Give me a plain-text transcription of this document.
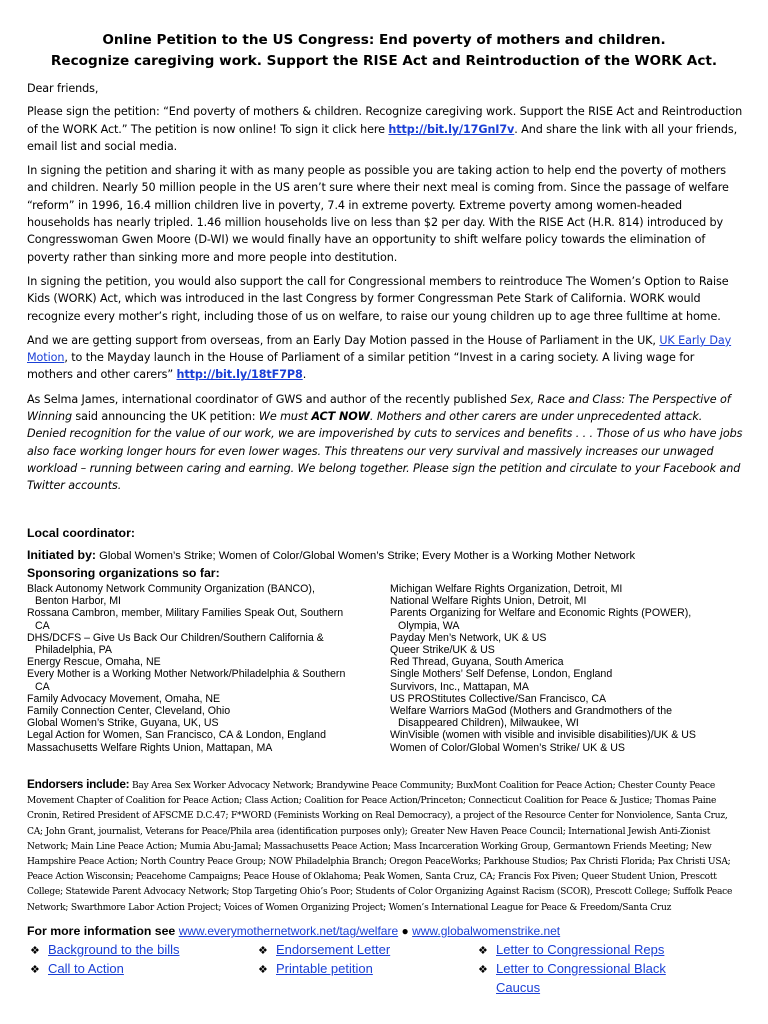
Online Petition to the US Congress: End poverty of mothers and children.
Recognize caregiving work. Support the RISE Act and Reintroduction of the WORK Act.

Dear friends,

Please sign the petition: “End poverty of mothers & children. Recognize caregiving work. Support the RISE Act and Reintroduction of the WORK Act.” The petition is now online! To sign it click here http://bit.ly/17GnI7v. And share the link with all your friends, email list and social media.

In signing the petition and sharing it with as many people as possible you are taking action to help end the poverty of mothers and children. Nearly 50 million people in the US aren’t sure where their next meal is coming from. Since the passage of welfare “reform” in 1996, 16.4 million children live in poverty, 7.4 in extreme poverty. Extreme poverty among women-headed households has nearly tripled. 1.46 million households live on less than $2 per day. With the RISE Act (H.R. 814) introduced by Congresswoman Gwen Moore (D-WI) we would finally have an opportunity to shift welfare policy towards the elimination of poverty rather than sinking more and more people into destitution.

In signing the petition, you would also support the call for Congressional members to reintroduce The Women’s Option to Raise Kids (WORK) Act, which was introduced in the last Congress by former Congressman Pete Stark of California. WORK would recognize every mother’s right, including those of us on welfare, to raise our young children up to age three fulltime at home.

And we are getting support from overseas, from an Early Day Motion passed in the House of Parliament in the UK, UK Early Day Motion, to the Mayday launch in the House of Parliament of a similar petition “Invest in a caring society. A living wage for mothers and other carers” http://bit.ly/18tF7P8.

As Selma James, international coordinator of GWS and author of the recently published Sex, Race and Class: The Perspective of Winning said announcing the UK petition: We must ACT NOW. Mothers and other carers are under unprecedented attack. Denied recognition for the value of our work, we are impoverished by cuts to services and benefits . . . Those of us who have jobs also face working longer hours for even lower wages. This threatens our very survival and massively increases our unwaged workload – running between caring and earning. We belong together. Please sign the petition and circulate to your Facebook and Twitter accounts.

Local coordinator:
Initiated by: Global Women’s Strike; Women of Color/Global Women’s Strike; Every Mother is a Working Mother Network
Sponsoring organizations so far:
Black Autonomy Network Community Organization (BANCO),
Benton Harbor, MI
Rossana Cambron, member, Military Families Speak Out, Southern
CA
DHS/DCFS – Give Us Back Our Children/Southern California &
Philadelphia, PA
Energy Rescue, Omaha, NE
Every Mother is a Working Mother Network/Philadelphia & Southern
CA
Family Advocacy Movement, Omaha, NE
Family Connection Center, Cleveland, Ohio
Global Women’s Strike, Guyana, UK, US
Legal Action for Women, San Francisco, CA & London, England
Massachusetts Welfare Rights Union, Mattapan, MA
Michigan Welfare Rights Organization, Detroit, MI
National Welfare Rights Union, Detroit, MI
Parents Organizing for Welfare and Economic Rights (POWER),
Olympia, WA
Payday Men’s Network, UK & US
Queer Strike/UK & US
Red Thread, Guyana, South America
Single Mothers’ Self Defense, London, England
Survivors, Inc., Mattapan, MA
US PROStitutes Collective/San Francisco, CA
Welfare Warriors MaGod (Mothers and Grandmothers of the
Disappeared Children), Milwaukee, WI
WinVisible (women with visible and invisible disabilities)/UK & US
Women of Color/Global Women’s Strike/ UK & US
Endorsers include: Bay Area Sex Worker Advocacy Network; Brandywine Peace Community; BuxMont Coalition for Peace Action; Chester County Peace Movement Chapter of Coalition for Peace Action; Class Action; Coalition for Peace Action/Princeton; Connecticut Coalition for Peace & Justice; Thomas Paine Cronin, Retired President of AFSCME D.C.47; F*WORD (Feminists Working on Real Democracy), a project of the Resource Center for Nonviolence, Santa Cruz, CA; John Grant, journalist, Veterans for Peace/Phila area (identification purposes only); Greater New Haven Peace Council; International Jewish Anti-Zionist Network; Main Line Peace Action; Mumia Abu-Jamal; Massachusetts Peace Action; Mass Incarceration Working Group, Germantown Friends Meeting; New Hampshire Peace Action; North Country Peace Group; NOW Philadelphia Branch; Oregon PeaceWorks; Parkhouse Studios; Pax Christi Florida; Pax Christi USA; Peace Action Wisconsin; Peacehome Campaigns; Peace House of Oklahoma; Peak Women, Santa Cruz, CA; Francis Fox Piven; Queer Student Union, Prescott College; Statewide Parent Advocacy Network; Stop Targeting Ohio’s Poor; Students of Color Organizing Against Racism (SCOR), Prescott College; Suffolk Peace Network; Swarthmore Labor Action Project; Voices of Women Organizing Project; Women’s International League for Peace & Freedom/Santa Cruz
For more information see www.everymothernetwork.net/tag/welfare ● www.globalwomenstrike.net
❖ Background to the bills
❖ Call to Action
❖ Endorsement Letter
❖ Printable petition
❖ Letter to Congressional Reps
❖ Letter to Congressional Black
Caucus
